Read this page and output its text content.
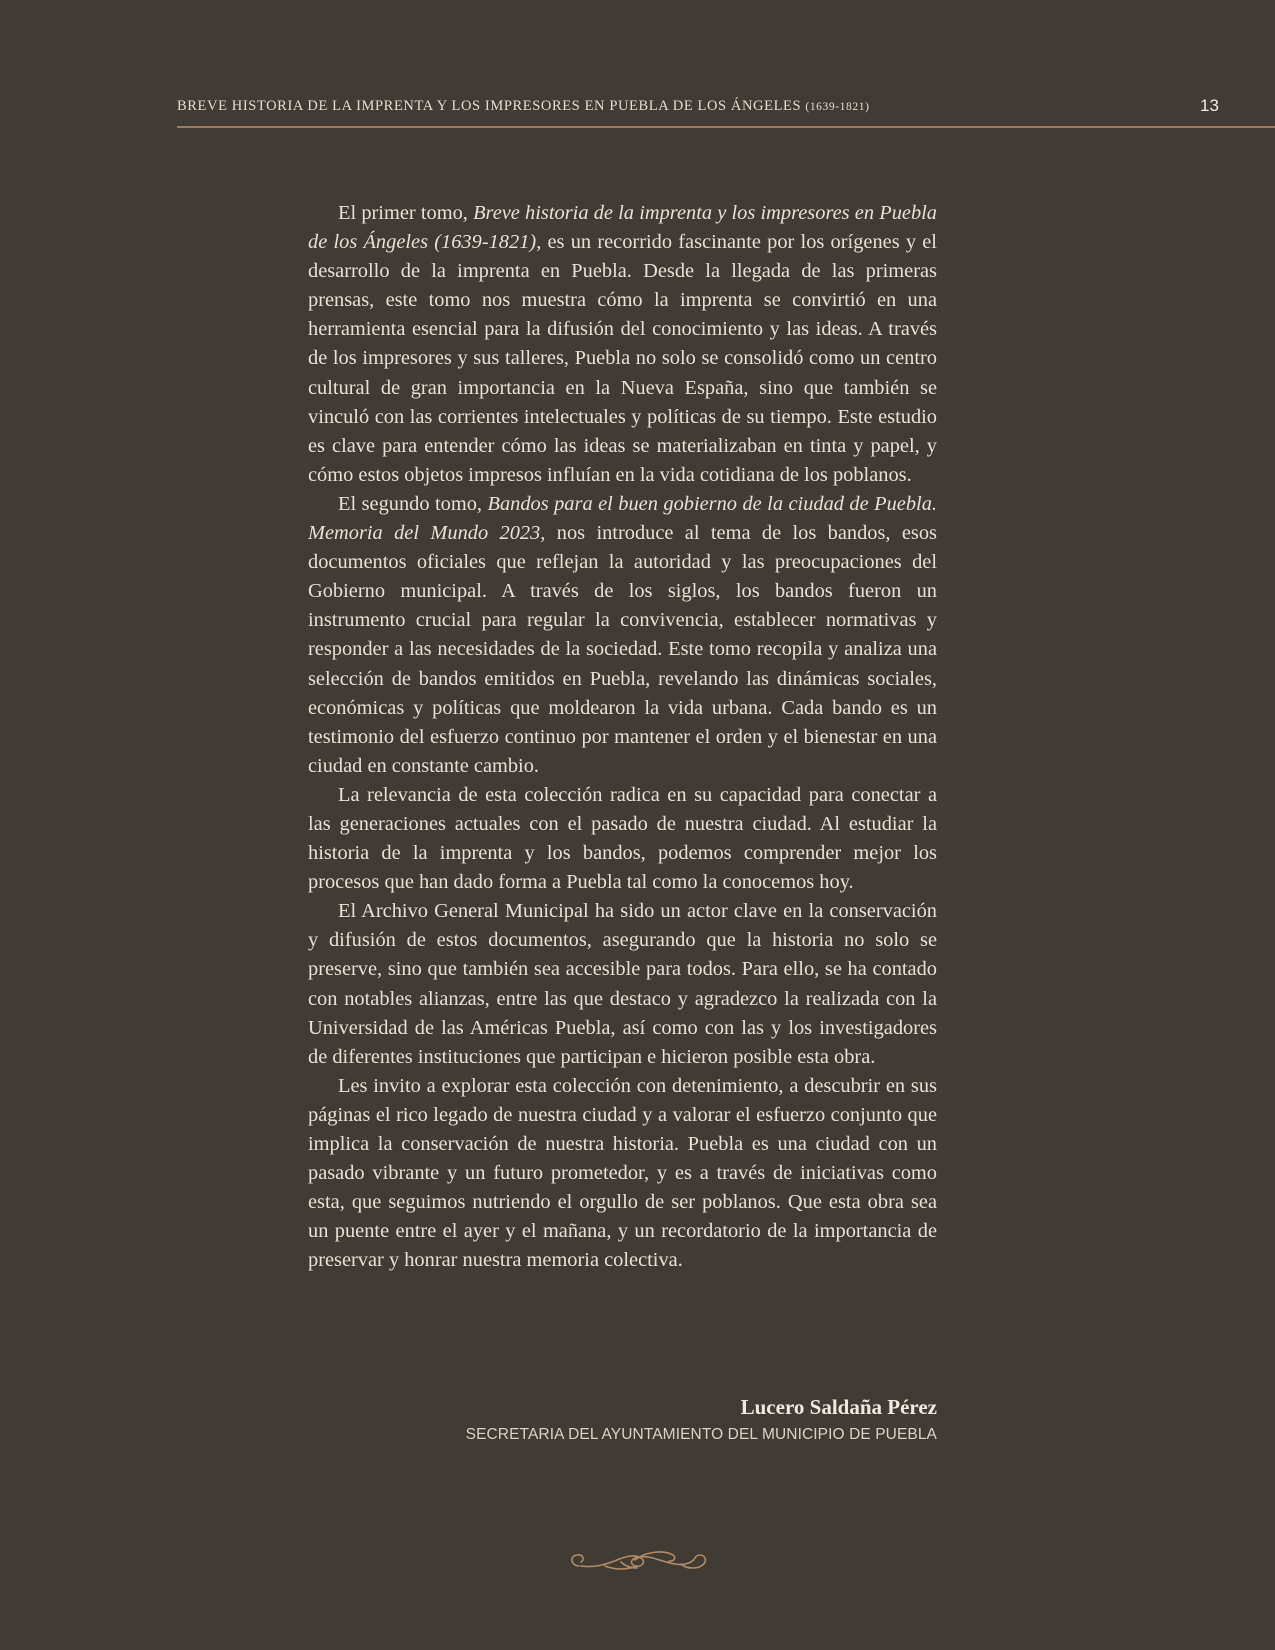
BREVE HISTORIA DE LA IMPRENTA Y LOS IMPRESORES EN PUEBLA DE LOS ÁNGELES (1639-1821)	13

El primer tomo, Breve historia de la imprenta y los impresores en Puebla de los Ángeles (1639-1821), es un recorrido fascinante por los orígenes y el desarrollo de la imprenta en Puebla. Desde la llegada de las primeras prensas, este tomo nos muestra cómo la imprenta se convirtió en una herramienta esencial para la difusión del conocimiento y las ideas. A través de los impresores y sus talleres, Puebla no solo se consolidó como un centro cultural de gran importancia en la Nueva España, sino que también se vinculó con las corrientes intelectuales y políticas de su tiempo. Este estudio es clave para entender cómo las ideas se materializaban en tinta y papel, y cómo estos objetos impresos influían en la vida cotidiana de los poblanos.

El segundo tomo, Bandos para el buen gobierno de la ciudad de Puebla. Memoria del Mundo 2023, nos introduce al tema de los bandos, esos documentos oficiales que reflejan la autoridad y las preocupaciones del Gobierno municipal. A través de los siglos, los bandos fueron un instrumento crucial para regular la convivencia, establecer normativas y responder a las necesidades de la sociedad. Este tomo recopila y analiza una selección de bandos emitidos en Puebla, revelando las dinámicas sociales, económicas y políticas que moldearon la vida urbana. Cada bando es un testimonio del esfuerzo continuo por mantener el orden y el bienestar en una ciudad en constante cambio.

La relevancia de esta colección radica en su capacidad para conectar a las generaciones actuales con el pasado de nuestra ciudad. Al estudiar la historia de la imprenta y los bandos, podemos comprender mejor los procesos que han dado forma a Puebla tal como la conocemos hoy.

El Archivo General Municipal ha sido un actor clave en la conservación y difusión de estos documentos, asegurando que la historia no solo se preserve, sino que también sea accesible para todos. Para ello, se ha contado con notables alianzas, entre las que destaco y agradezco la realizada con la Universidad de las Américas Puebla, así como con las y los investigadores de diferentes instituciones que participan e hicieron posible esta obra.

Les invito a explorar esta colección con detenimiento, a descubrir en sus páginas el rico legado de nuestra ciudad y a valorar el esfuerzo conjunto que implica la conservación de nuestra historia. Puebla es una ciudad con un pasado vibrante y un futuro prometedor, y es a través de iniciativas como esta, que seguimos nutriendo el orgullo de ser poblanos. Que esta obra sea un puente entre el ayer y el mañana, y un recordatorio de la importancia de preservar y honrar nuestra memoria colectiva.

Lucero Saldaña Pérez
SECRETARIA DEL AYUNTAMIENTO DEL MUNICIPIO DE PUEBLA
